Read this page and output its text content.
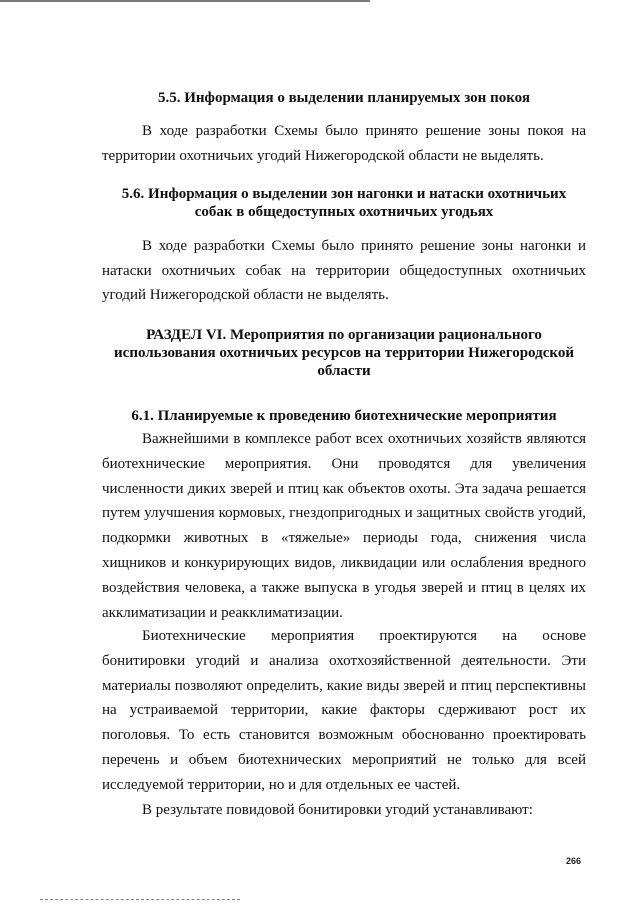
5.5. Информация о выделении планируемых зон покоя

В ходе разработки Схемы было принято решение зоны покоя на территории охотничьих угодий Нижегородской области не выделять.

5.6. Информация о выделении зон нагонки и натаски охотничьих собак в общедоступных охотничьих угодьях

В ходе разработки Схемы было принято решение зоны нагонки и натаски охотничьих собак на территории общедоступных охотничьих угодий Нижегородской области не выделять.

РАЗДЕЛ VI. Мероприятия по организации рационального использования охотничьих ресурсов на территории Нижегородской области
6.1. Планируемые к проведению биотехнические мероприятия

Важнейшими в комплексе работ всех охотничьих хозяйств являются биотехнические мероприятия. Они проводятся для увеличения численности диких зверей и птиц как объектов охоты. Эта задача решается путем улучшения кормовых, гнездопригодных и защитных свойств угодий, подкормки животных в «тяжелые» периоды года, снижения числа хищников и конкурирующих видов, ликвидации или ослабления вредного воздействия человека, а также выпуска в угодья зверей и птиц в целях их акклиматизации и реакклиматизации.

Биотехнические мероприятия проектируются на основе бонитировки угодий и анализа охотхозяйственной деятельности. Эти материалы позволяют определить, какие виды зверей и птиц перспективны на устраиваемой территории, какие факторы сдерживают рост их поголовья. То есть становится возможным обоснованно проектировать перечень и объем биотехнических мероприятий не только для всей исследуемой территории, но и для отдельных ее частей.

В результате повидовой бонитировки угодий устанавливают:

266
